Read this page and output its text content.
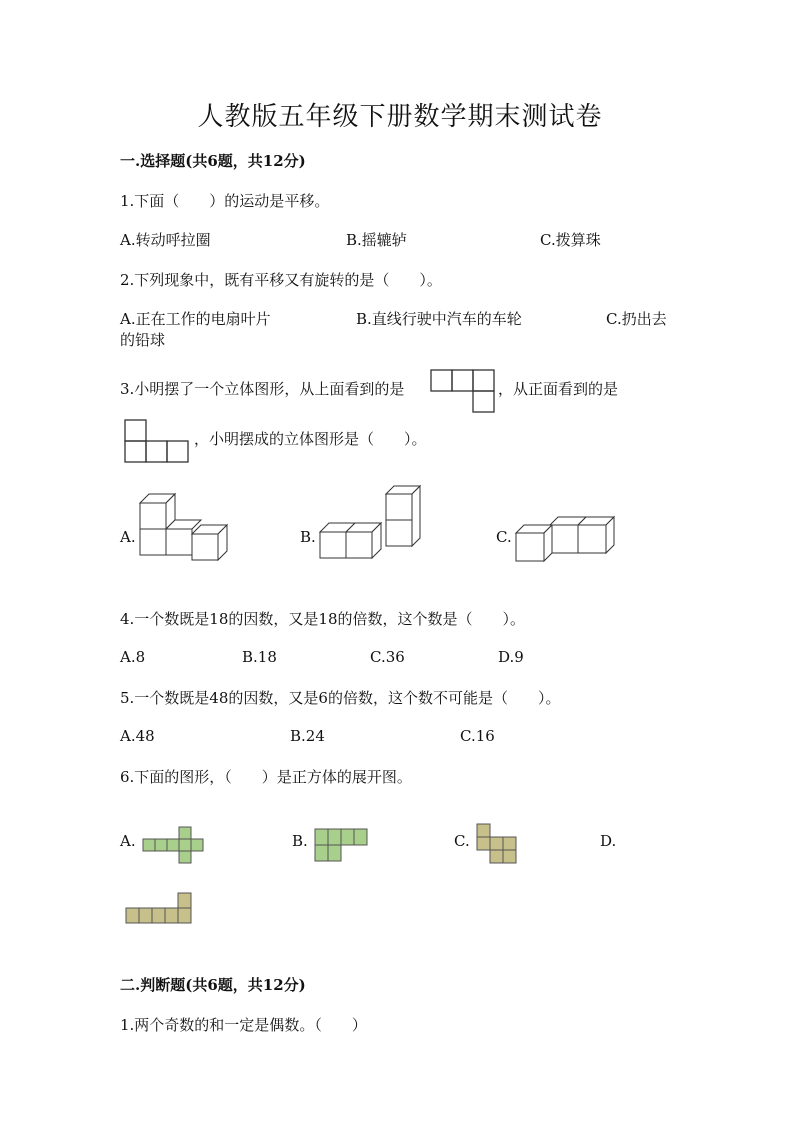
人教版五年级下册数学期末测试卷
一.选择题(共6题，共12分)
1.下面（　　）的运动是平移。
A.转动呼拉圈	B.摇辘轳	C.拨算珠
2.下列现象中，既有平移又有旋转的是（　　）。
A.正在工作的电扇叶片	B.直线行驶中汽车的车轮	C.扔出去
的铅球
3.小明摆了一个立体图形，从上面看到的是	，从正面看到的是
，小明摆成的立体图形是（　　）。
A.	B.	C.
4.一个数既是18的因数，又是18的倍数，这个数是（　　）。
A.8	B.18	C.36	D.9
5.一个数既是48的因数，又是6的倍数，这个数不可能是（　　）。
A.48	B.24	C.16
6.下面的图形，（　　）是正方体的展开图。
A.	B.	C.	D.
二.判断题(共6题，共12分)
1.两个奇数的和一定是偶数。（　　）
